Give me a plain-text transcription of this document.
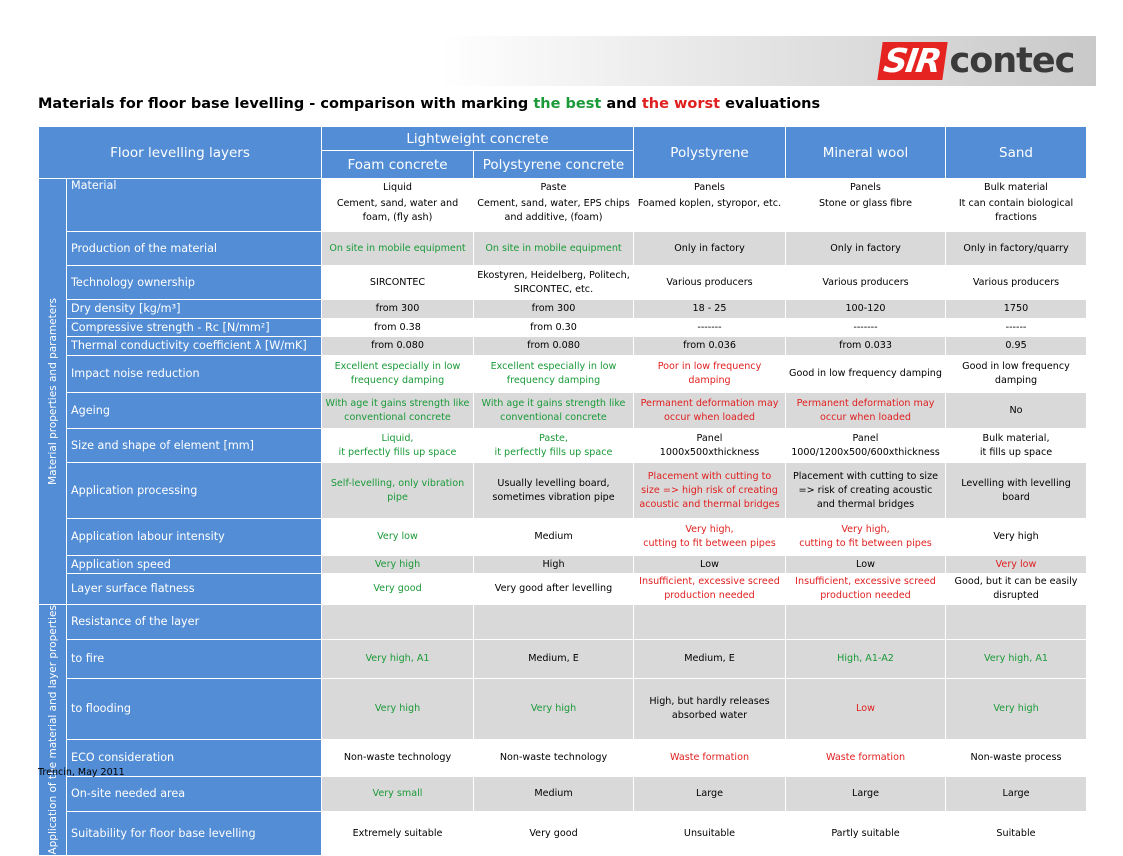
SIR contec
Materials for floor base levelling - comparison with marking the best and the worst evaluations
Floor levelling layers		Lightweight concrete		Polystyrene	Mineral wool	Sand
		Foam concrete	Polystyrene concrete			

Material properties and parameters	Material	Liquid	Paste	Panels	Panels	Bulk material
		Cement, sand, water and foam, (fly ash)	Cement, sand, water, EPS chips and additive, (foam)	Foamed koplen, styropor, etc.	Stone or glass fibre	It can contain biological fractions
	Production of the material	On site in mobile equipment	On site in mobile equipment	Only in factory	Only in factory	Only in factory/quarry
	Technology ownership	SIRCONTEC	Ekostyren, Heidelberg, Politech, SIRCONTEC, etc.	Various producers	Various producers	Various producers
	Dry density [kg/m³]	from 300	from 300	18 - 25	100-120	1750
	Compressive strength - Rc [N/mm²]	from 0.38	from 0.30	-------	-------	------
	Thermal conductivity coefficient λ [W/mK]	from 0.080	from 0.080	from 0.036	from 0.033	0.95
	Impact noise reduction	Excellent especially in low frequency damping	Excellent especially in low frequency damping	Poor in low frequency damping	Good in low frequency damping	Good in low frequency damping
	Ageing	With age it gains strength like conventional concrete	With age it gains strength like conventional concrete	Permanent deformation may occur when loaded	Permanent deformation may occur when loaded	No
	Size and shape of element [mm]	Liquid,
it perfectly fills up space	Paste,
it perfectly fills up space	Panel
1000x500xthickness	Panel
1000/1200x500/600xthickness	Bulk material,
it fills up space

	Application processing	Self-levelling, only vibration pipe	Usually levelling board, sometimes vibration pipe	Placement with cutting to size => high risk of creating acoustic and thermal bridges	Placement with cutting to size => risk of creating acoustic and thermal bridges	Levelling with levelling board
	Application labour intensity	Very low	Medium	Very high,
cutting to fit between pipes	Very high,
cutting to fit between pipes	Very high

	Application speed	Very high	High	Low	Low	Very low
	Layer surface flatness	Very good	Very good after levelling	Insufficient, excessive screed production needed	Insufficient, excessive screed production needed	Good, but it can be easily disrupted

Application of the material and layer properties	Resistance of the layer					
	to fire	Very high, A1	Medium, E	Medium, E	High, A1-A2	Very high, A1
	to flooding	Very high	Very high	High, but hardly releases absorbed water	Low	Very high
	ECO consideration	Non-waste technology	Non-waste technology	Waste formation	Waste formation	Non-waste process
	On-site needed area	Very small	Medium	Large	Large	Large
	Suitability for floor base levelling	Extremely suitable	Very good	Unsuitable	Partly suitable	Suitable
Trencin, May 2011
